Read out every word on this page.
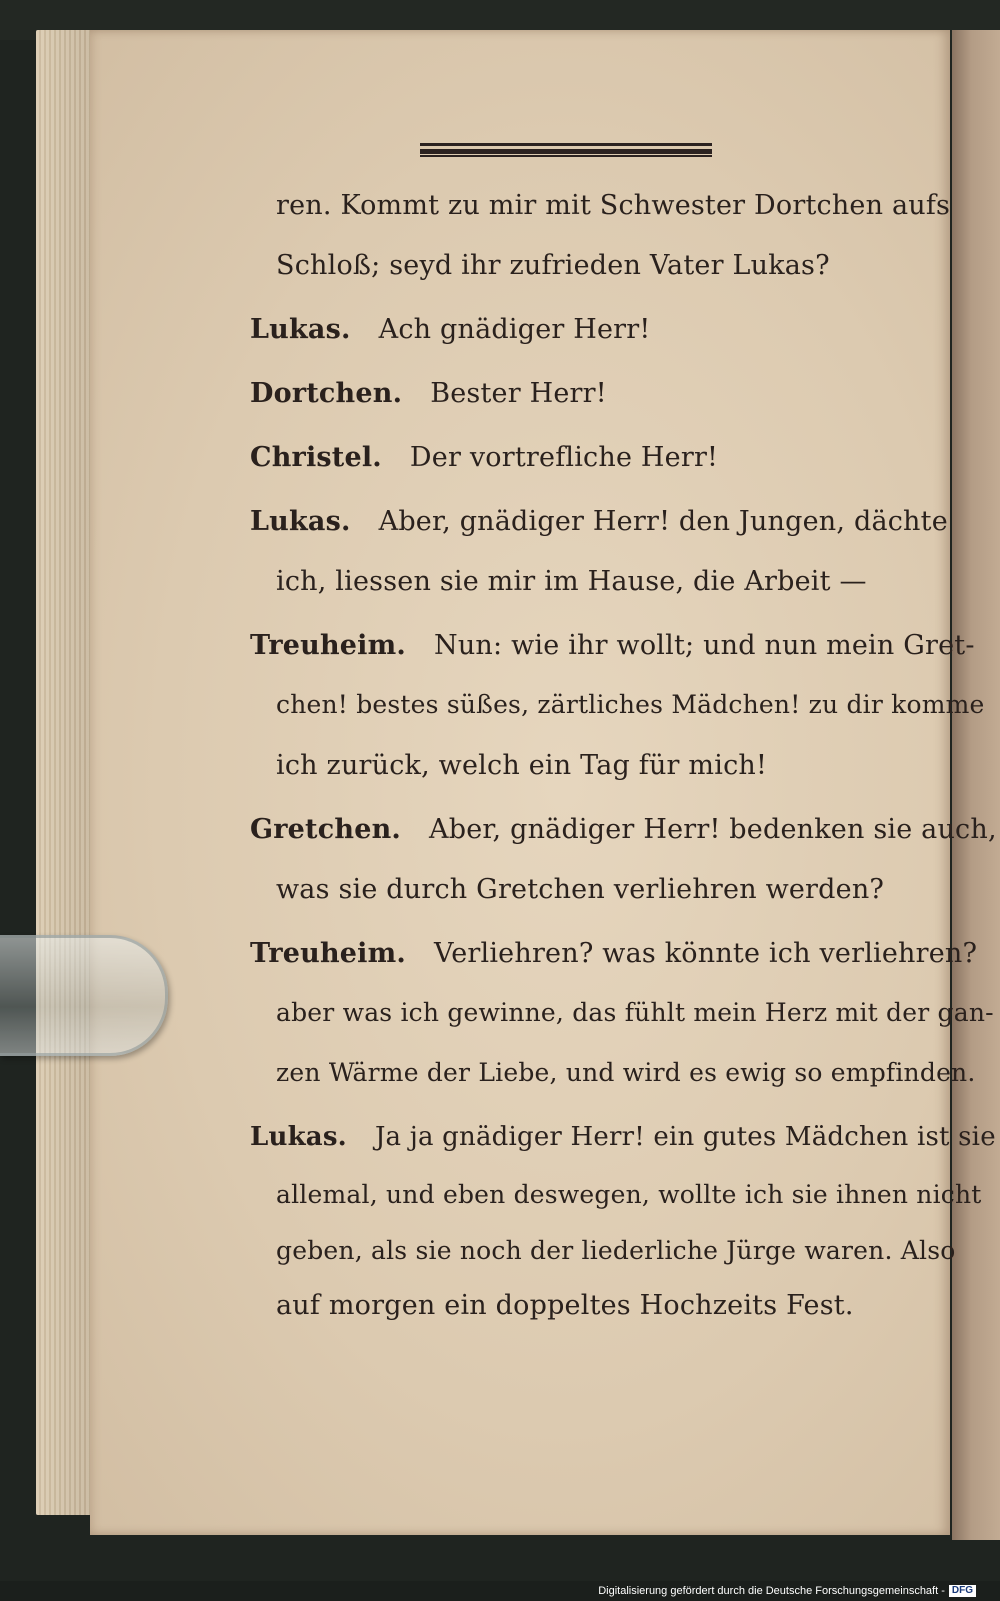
ren. Kommt zu mir mit Schwester Dortchen aufs
Schloß; seyd ihr zufrieden Vater Lukas?
Lukas. Ach gnädiger Herr!
Dortchen. Bester Herr!
Christel. Der vortrefliche Herr!
Lukas. Aber, gnädiger Herr! den Jungen, dächte
ich, liessen sie mir im Hause, die Arbeit —
Treuheim. Nun: wie ihr wollt; und nun mein Gret-
chen! bestes süßes, zärtliches Mädchen! zu dir komme
ich zurück, welch ein Tag für mich!
Gretchen. Aber, gnädiger Herr! bedenken sie auch,
was sie durch Gretchen verliehren werden?
Treuheim. Verliehren? was könnte ich verliehren?
aber was ich gewinne, das fühlt mein Herz mit der gan-
zen Wärme der Liebe, und wird es ewig so empfinden.
Lukas. Ja ja gnädiger Herr! ein gutes Mädchen ist sie
allemal, und eben deswegen, wollte ich sie ihnen nicht
geben, als sie noch der liederliche Jürge waren. Also
auf morgen ein doppeltes Hochzeits Fest.
Digitalisierung gefördert durch die Deutsche Forschungsgemeinschaft - DFG
